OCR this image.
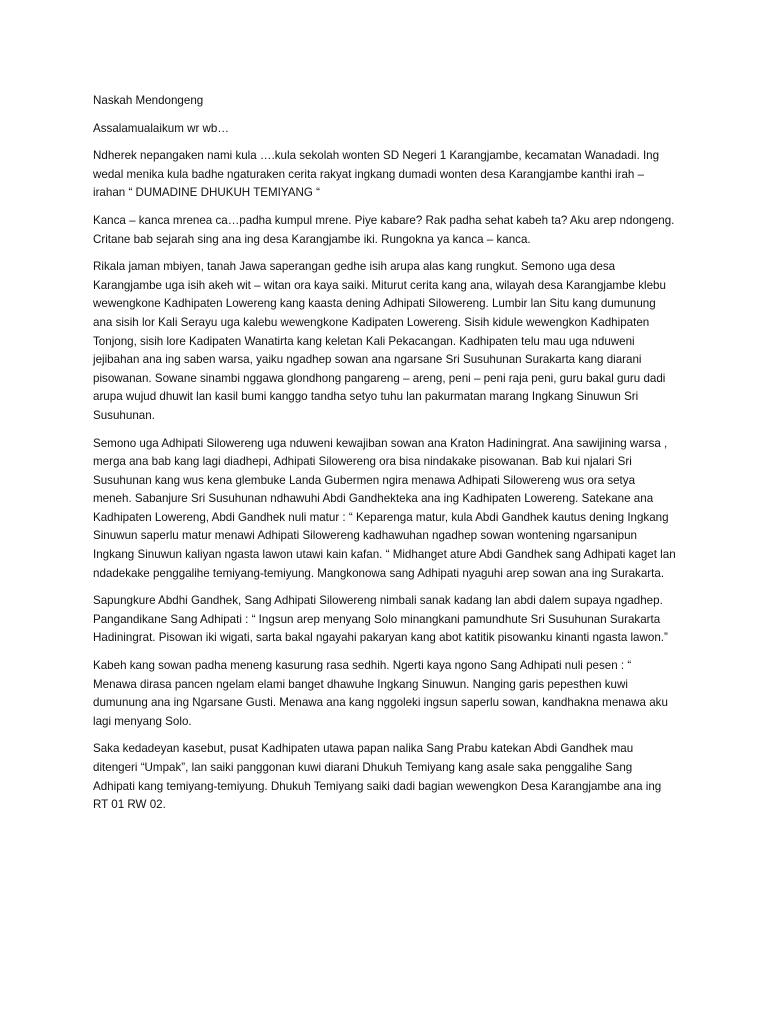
Naskah Mendongeng

Assalamualaikum wr wb…

Ndherek nepangaken nami kula ….kula sekolah wonten SD Negeri 1 Karangjambe, kecamatan Wanadadi. Ing wedal menika kula badhe ngaturaken cerita rakyat ingkang dumadi wonten desa Karangjambe kanthi irah – irahan “ DUMADINE DHUKUH TEMIYANG “

Kanca – kanca mrenea ca…padha kumpul mrene. Piye kabare? Rak padha sehat kabeh ta? Aku arep ndongeng. Critane bab sejarah sing ana ing desa Karangjambe iki. Rungokna ya kanca – kanca.

Rikala jaman mbiyen, tanah Jawa saperangan gedhe isih arupa alas kang rungkut. Semono uga desa Karangjambe uga isih akeh wit – witan ora kaya saiki. Miturut cerita kang ana, wilayah desa Karangjambe klebu wewengkone Kadhipaten Lowereng kang kaasta dening Adhipati Silowereng. Lumbir lan Situ kang dumunung ana sisih lor Kali Serayu uga kalebu wewengkone Kadipaten Lowereng. Sisih kidule wewengkon Kadhipaten Tonjong, sisih lore Kadipaten Wanatirta kang keletan Kali Pekacangan. Kadhipaten telu mau uga nduweni jejibahan ana ing saben warsa, yaiku ngadhep sowan ana ngarsane Sri Susuhunan Surakarta kang diarani pisowanan. Sowane sinambi nggawa glondhong pangareng – areng, peni – peni raja peni, guru bakal guru dadi arupa wujud dhuwit lan kasil bumi kanggo tandha setyo tuhu lan pakurmatan marang Ingkang Sinuwun Sri Susuhunan.

Semono uga Adhipati Silowereng uga nduweni kewajiban sowan ana Kraton Hadiningrat. Ana sawijining warsa , merga ana bab kang lagi diadhepi, Adhipati Silowereng ora bisa nindakake pisowanan. Bab kui njalari Sri Susuhunan kang wus kena glembuke Landa Gubermen ngira menawa Adhipati Silowereng wus ora setya meneh. Sabanjure Sri Susuhunan ndhawuhi Abdi Gandhekteka ana ing Kadhipaten Lowereng. Satekane ana Kadhipaten Lowereng, Abdi Gandhek nuli matur : “ Keparenga matur, kula Abdi Gandhek kautus dening Ingkang Sinuwun saperlu matur menawi Adhipati Silowereng kadhawuhan ngadhep sowan wontening ngarsanipun Ingkang Sinuwun kaliyan ngasta lawon utawi kain kafan. “ Midhanget ature Abdi Gandhek sang Adhipati kaget lan ndadekake penggalihe temiyang-temiyung. Mangkonowa sang Adhipati nyaguhi arep sowan ana ing Surakarta.

Sapungkure Abdhi Gandhek, Sang Adhipati Silowereng nimbali sanak kadang lan abdi dalem supaya ngadhep. Pangandikane Sang Adhipati : “ Ingsun arep menyang Solo minangkani pamundhute Sri Susuhunan Surakarta Hadiningrat. Pisowan iki wigati, sarta bakal ngayahi pakaryan kang abot katitik pisowanku kinanti ngasta lawon.”

Kabeh kang sowan padha meneng kasurung rasa sedhih. Ngerti kaya ngono Sang Adhipati nuli pesen : “ Menawa dirasa pancen ngelam elami banget dhawuhe Ingkang Sinuwun. Nanging garis pepesthen kuwi dumunung ana ing Ngarsane Gusti. Menawa ana kang nggoleki ingsun saperlu sowan, kandhakna menawa aku lagi menyang Solo.

Saka kedadeyan kasebut, pusat Kadhipaten utawa papan nalika Sang Prabu katekan Abdi Gandhek mau ditengeri “Umpak”, lan saiki panggonan kuwi diarani Dhukuh Temiyang kang asale saka penggalihe Sang Adhipati kang temiyang-temiyung. Dhukuh Temiyang saiki dadi bagian wewengkon Desa Karangjambe ana ing RT 01 RW 02.
